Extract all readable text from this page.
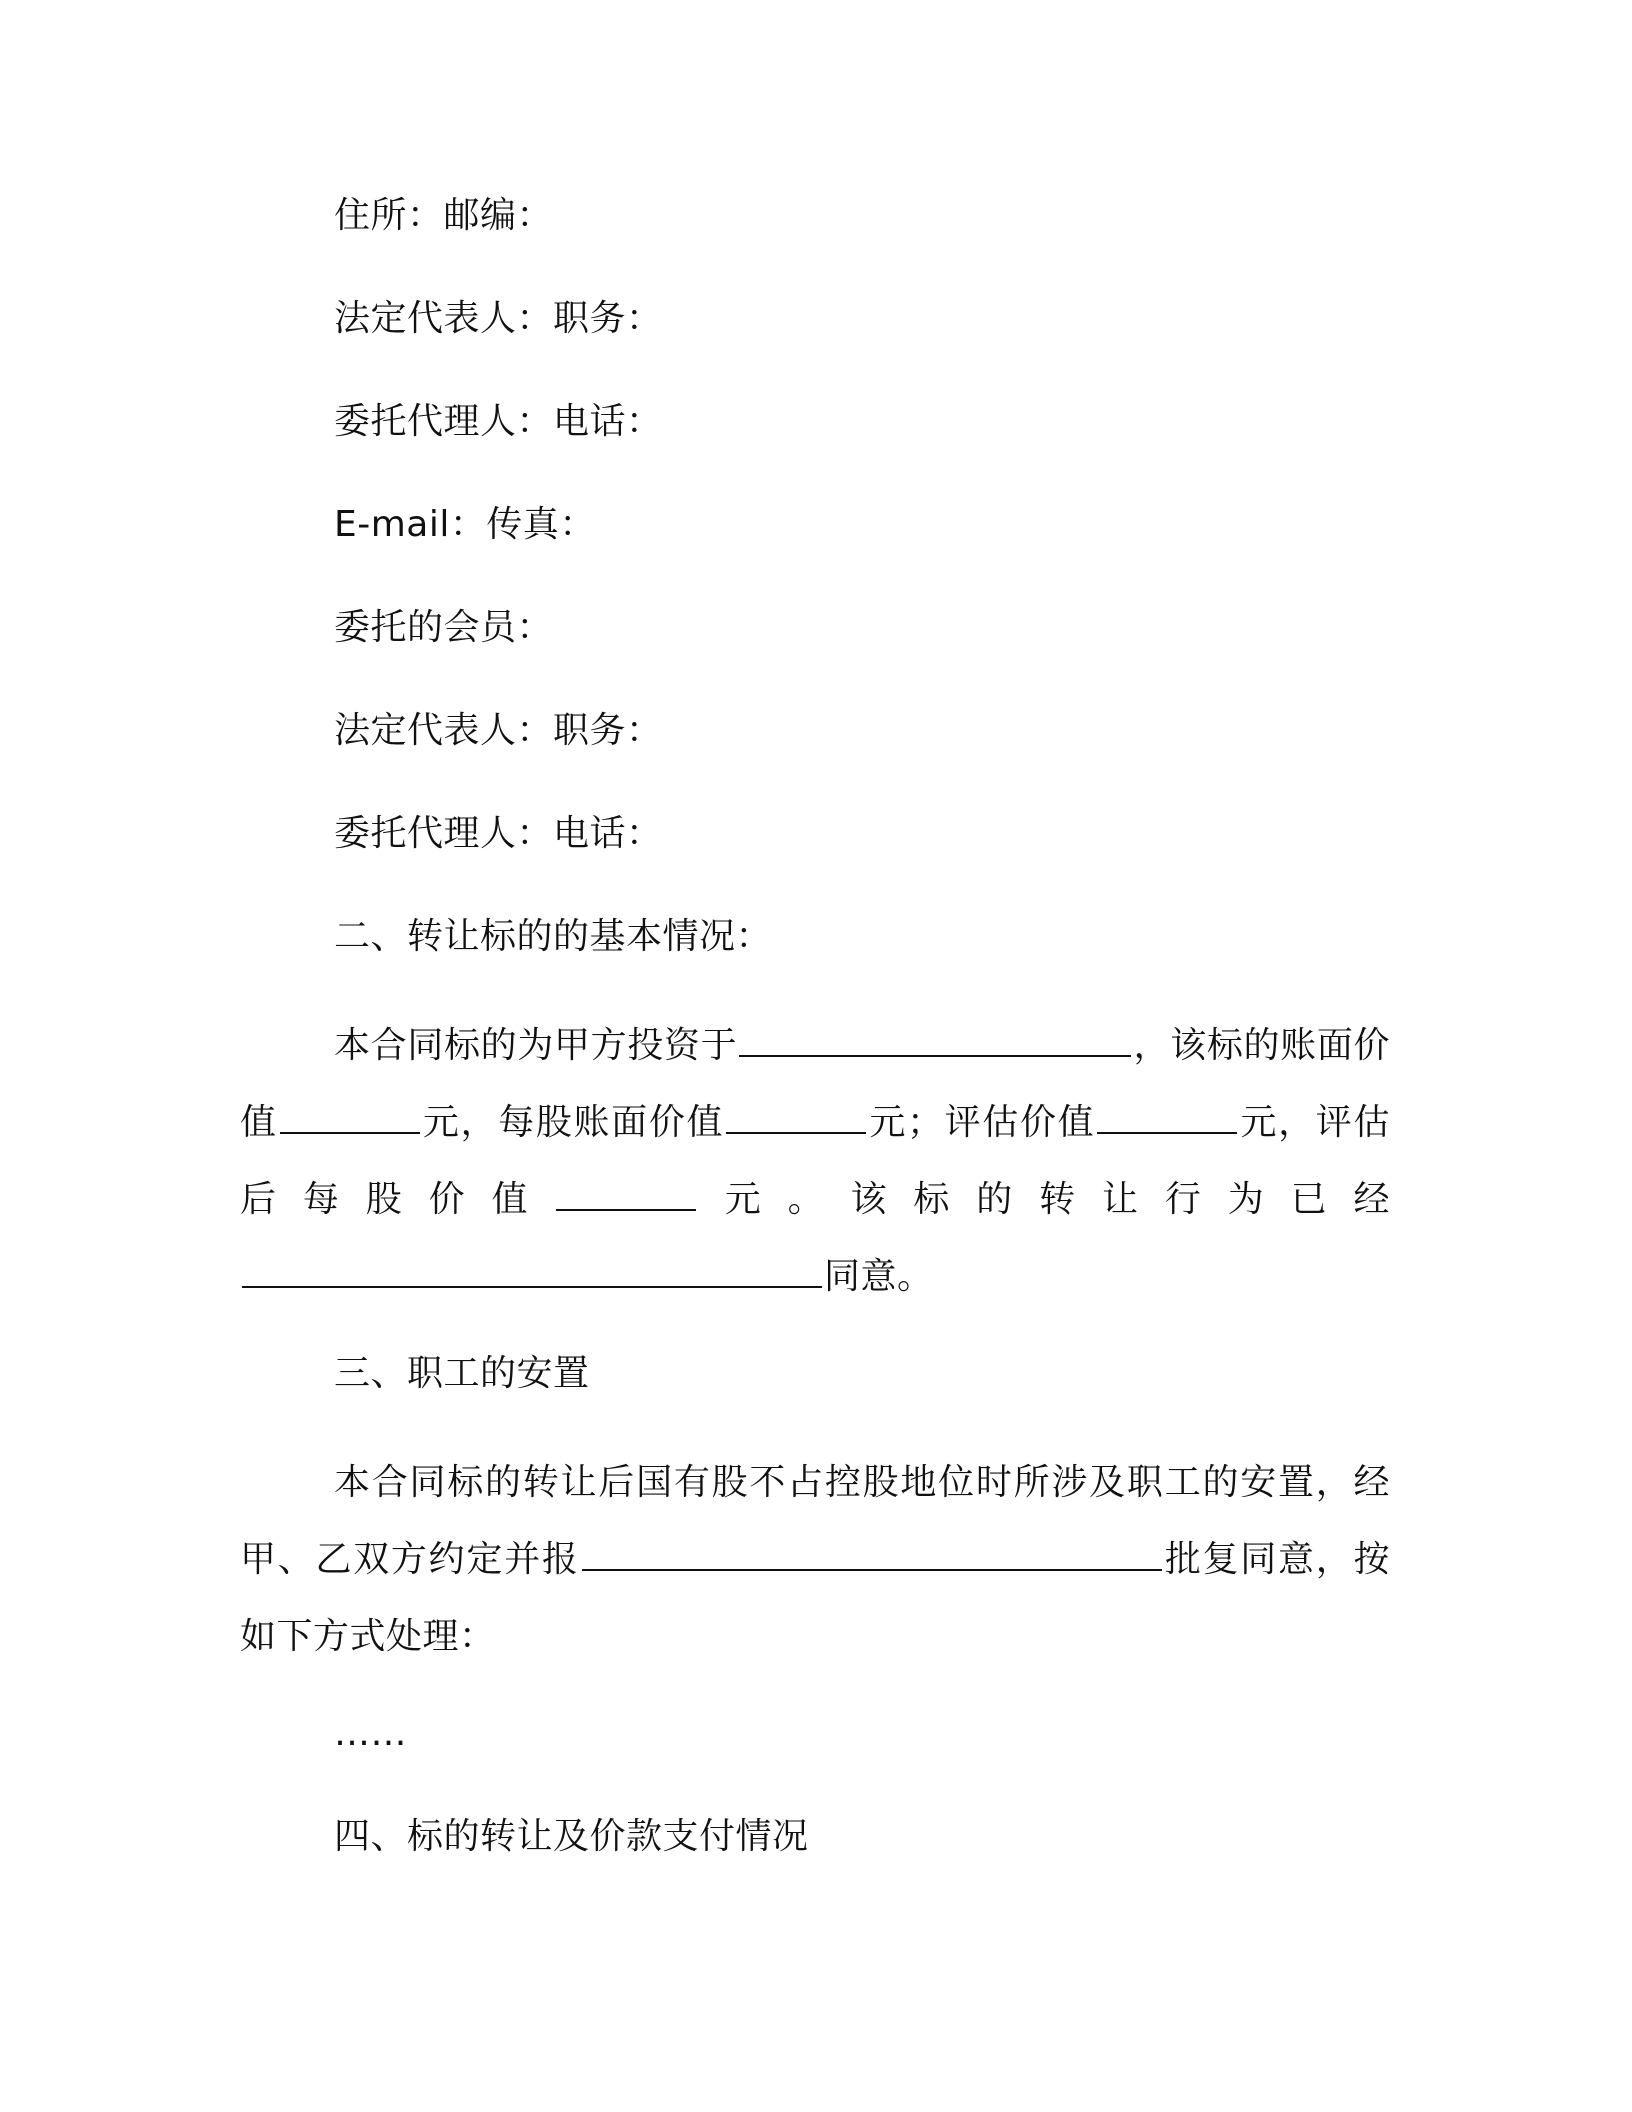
住所：邮编：
法定代表人：职务：
委托代理人：电话：
E-mail：传真：
委托的会员：
法定代表人：职务：
委托代理人：电话：
二、转让标的的基本情况：
本合同标的为甲方投资于	，该标的账面价值	元，每股账面价值	元；评估价值	元，评估后每股价值	元。该标的转让行为已经同意。
三、职工的安置
本合同标的转让后国有股不占控股地位时所涉及职工的安置，经甲、乙双方约定并报	批复同意，按如下方式处理：
……
四、标的转让及价款支付情况
